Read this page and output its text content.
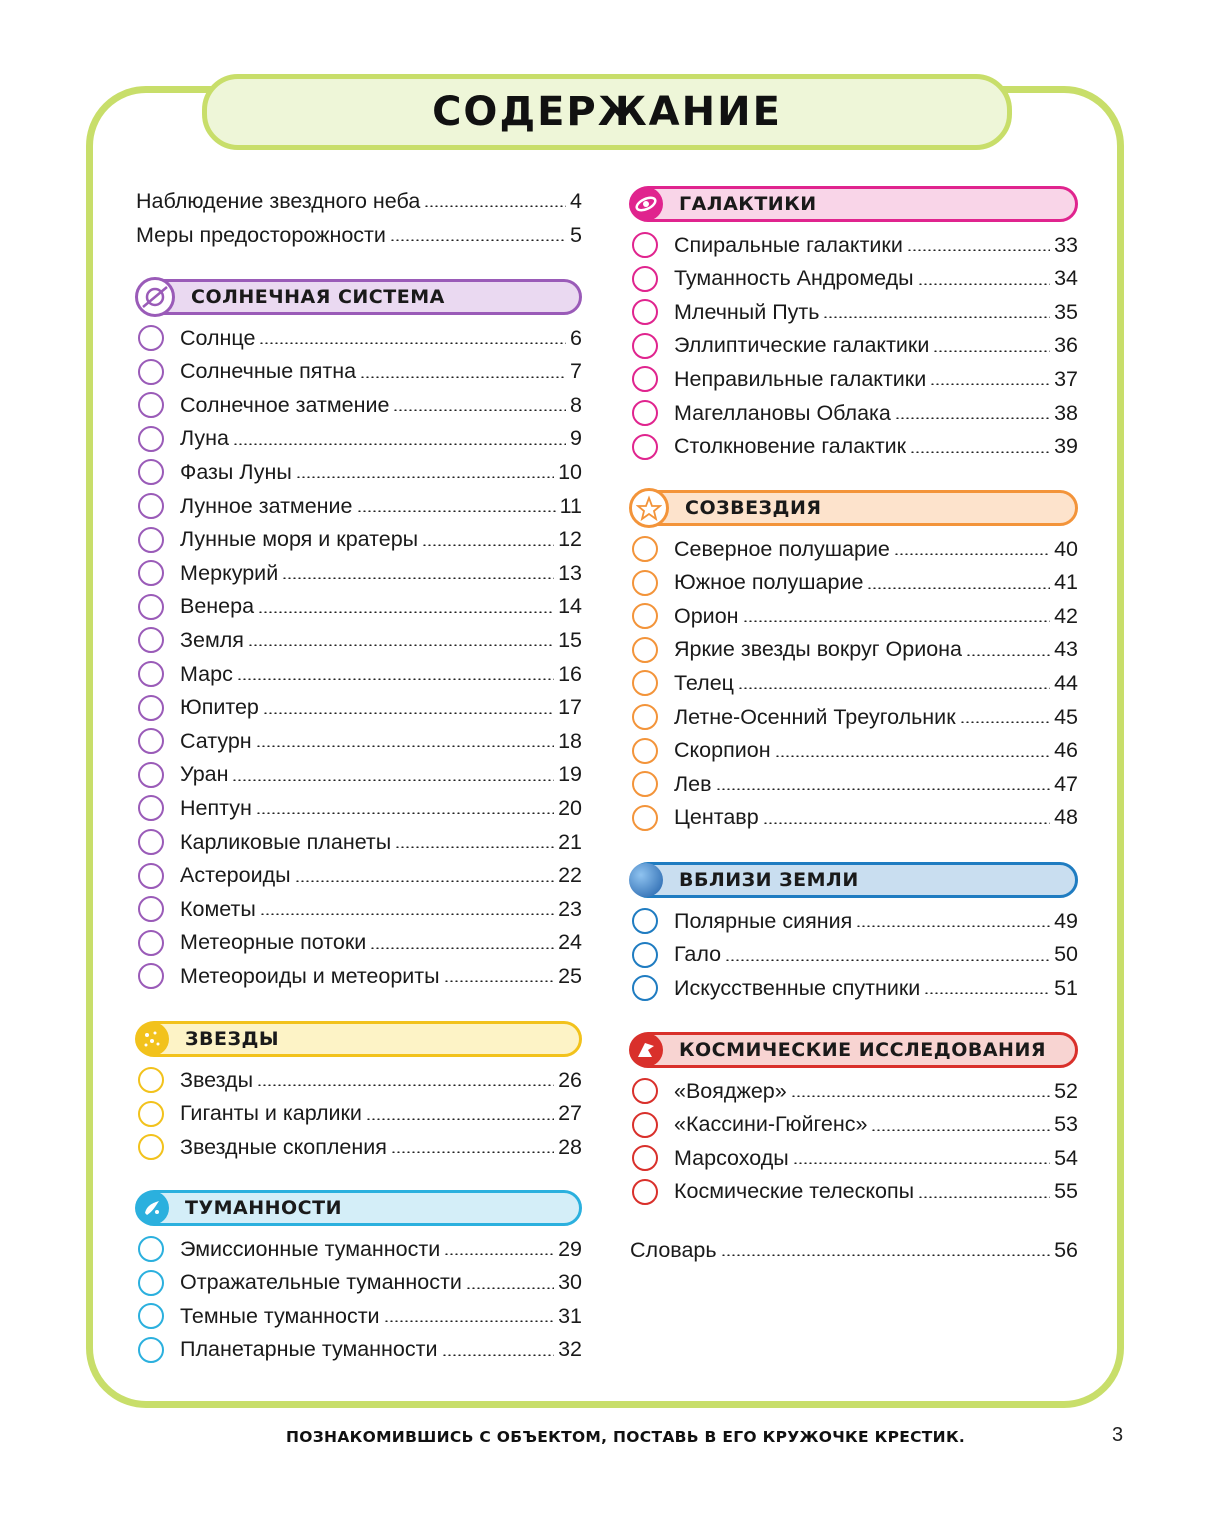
СОДЕРЖАНИЕ
Наблюдение звездного неба	4
Меры предосторожности	5
СОЛНЕЧНАЯ СИСТЕМА
Солнце	6
Солнечные пятна	7
Солнечное затмение	8
Луна	9
Фазы Луны	10
Лунное затмение	11
Лунные моря и кратеры	12
Меркурий	13
Венера	14
Земля	15
Марс	16
Юпитер	17
Сатурн	18
Уран	19
Нептун	20
Карликовые планеты	21
Астероиды	22
Кометы	23
Метеорные потоки	24
Метеороиды и метеориты	25
ЗВЕЗДЫ
Звезды	26
Гиганты и карлики	27
Звездные скопления	28
ТУМАННОСТИ
Эмиссионные туманности	29
Отражательные туманности	30
Темные туманности	31
Планетарные туманности	32
ГАЛАКТИКИ
Спиральные галактики	33
Туманность Андромеды	34
Млечный Путь	35
Эллиптические галактики	36
Неправильные галактики	37
Магеллановы Облака	38
Столкновение галактик	39
СОЗВЕЗДИЯ
Северное полушарие	40
Южное полушарие	41
Орион	42
Яркие звезды вокруг Ориона	43
Телец	44
Летне-Осенний Треугольник	45
Скорпион	46
Лев	47
Центавр	48
ВБЛИЗИ ЗЕМЛИ
Полярные сияния	49
Гало	50
Искусственные спутники	51
КОСМИЧЕСКИЕ ИССЛЕДОВАНИЯ
«Вояджер»	52
«Кассини-Гюйгенс»	53
Марсоходы	54
Космические телескопы	55
Словарь	56
ПОЗНАКОМИВШИСЬ С ОБЪЕКТОМ, ПОСТАВЬ В ЕГО КРУЖОЧКЕ КРЕСТИК.	3
